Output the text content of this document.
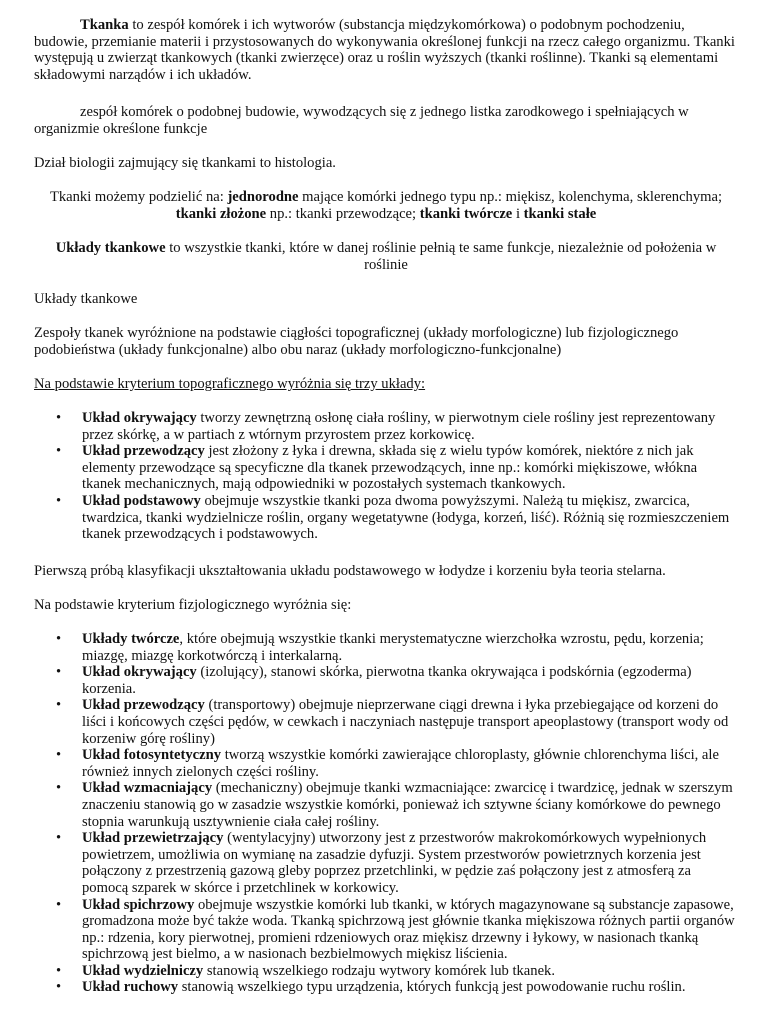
Tkanka to zespół komórek i ich wytworów (substancja międzykomórkowa) o podobnym pochodzeniu, budowie, przemianie materii i przystosowanych do wykonywania określonej funkcji na rzecz całego organizmu. Tkanki występują u zwierząt tkankowych (tkanki zwierzęce) oraz u roślin wyższych (tkanki roślinne). Tkanki są elementami składowymi narządów i ich układów.

zespół komórek o podobnej budowie, wywodzących się z jednego listka zarodkowego i spełniających w organizmie określone funkcje

Dział biologii zajmujący się tkankami to histologia.

Tkanki możemy podzielić na: jednorodne mające komórki jednego typu np.: miękisz, kolenchyma, sklerenchyma; tkanki złożone np.: tkanki przewodzące; tkanki twórcze i tkanki stałe

Układy tkankowe to wszystkie tkanki, które w danej roślinie pełnią te same funkcje, niezależnie od położenia w roślinie

Układy tkankowe

Zespoły tkanek wyróżnione na podstawie ciągłości topograficznej (układy morfologiczne) lub fizjologicznego podobieństwa (układy funkcjonalne) albo obu naraz (układy morfologiczno-funkcjonalne)

Na podstawie kryterium topograficznego wyróżnia się trzy układy:

• Układ okrywający tworzy zewnętrzną osłonę ciała rośliny, w pierwotnym ciele rośliny jest reprezentowany przez skórkę, a w partiach z wtórnym przyrostem przez korkowicę.
• Układ przewodzący jest złożony z łyka i drewna, składa się z wielu typów komórek, niektóre z nich jak elementy przewodzące są specyficzne dla tkanek przewodzących, inne np.: komórki miękiszowe, włókna tkanek mechanicznych, mają odpowiedniki w pozostałych systemach tkankowych.
• Układ podstawowy obejmuje wszystkie tkanki poza dwoma powyższymi. Należą tu miękisz, zwarcica, twardzica, tkanki wydzielnicze roślin, organy wegetatywne (łodyga, korzeń, liść). Różnią się rozmieszczeniem tkanek przewodzących i podstawowych.

Pierwszą próbą klasyfikacji ukształtowania układu podstawowego w łodydze i korzeniu była teoria stelarna.

Na podstawie kryterium fizjologicznego wyróżnia się:

• Układy twórcze, które obejmują wszystkie tkanki merystematyczne wierzchołka wzrostu, pędu, korzenia; miazgę, miazgę korkotwórczą i interkalarną.
• Układ okrywający (izolujący), stanowi skórka, pierwotna tkanka okrywająca i podskórnia (egzoderma) korzenia.
• Układ przewodzący (transportowy) obejmuje nieprzerwane ciągi drewna i łyka przebiegające od korzeni do liści i końcowych części pędów, w cewkach i naczyniach następuje transport apeoplastowy (transport wody od korzeniw górę rośliny)
• Układ fotosyntetyczny tworzą wszystkie komórki zawierające chloroplasty, głównie chlorenchyma liści, ale również innych zielonych części rośliny.
• Układ wzmacniający (mechaniczny) obejmuje tkanki wzmacniające: zwarcicę i twardzicę, jednak w szerszym znaczeniu stanowią go w zasadzie wszystkie komórki, ponieważ ich sztywne ściany komórkowe do pewnego stopnia warunkują usztywnienie ciała całej rośliny.
• Układ przewietrzający (wentylacyjny) utworzony jest z przestworów makrokomórkowych wypełnionych powietrzem, umożliwia on wymianę na zasadzie dyfuzji. System przestworów powietrznych korzenia jest połączony z przestrzenią gazową gleby poprzez przetchlinki, w pędzie zaś połączony jest z atmosferą za pomocą szparek w skórce i przetchlinek w korkowicy.
• Układ spichrzowy obejmuje wszystkie komórki lub tkanki, w których magazynowane są substancje zapasowe, gromadzona może być także woda. Tkanką spichrzową jest głównie tkanka miękiszowa różnych partii organów np.: rdzenia, kory pierwotnej, promieni rdzeniowych oraz miękisz drzewny i łykowy, w nasionach tkanką spichrzową jest bielmo, a w nasionach bezbielmowych miękisz liścienia.
• Układ wydzielniczy stanowią wszelkiego rodzaju wytwory komórek lub tkanek.
• Układ ruchowy stanowią wszelkiego typu urządzenia, których funkcją jest powodowanie ruchu roślin.
